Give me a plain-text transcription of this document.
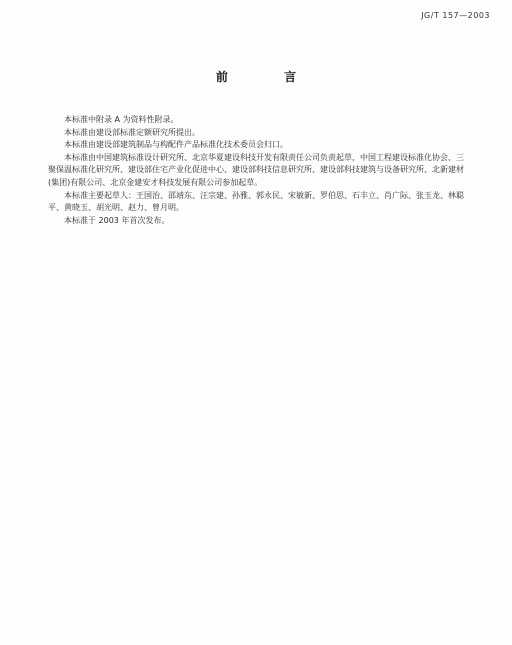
JG/T 157—2003
前 言

本标准中附录 A 为资料性附录。

本标准由建设部标准定额研究所提出。

本标准由建设部建筑制品与构配件产品标准化技术委员会归口。

本标准由中国建筑标准设计研究所、北京华夏建设科技开发有限责任公司负责起草，中国工程建设标准化协会、三聚保温标准化研究所、建设部住宅产业化促进中心、建设部科技信息研究所、建设部科技建筑与设备研究所、北新建材(集团)有限公司、北京金建安才科技发展有限公司参加起草。

本标准主要起草人：王国治、邵靖东、汪宗建、孙雅、郭永民、宋敏新、罗伯思、石丰立、肖广际、张玉龙、林聪平、黄晓玉、胡光明、赵力、曾月明。

本标准于 2003 年首次发布。
